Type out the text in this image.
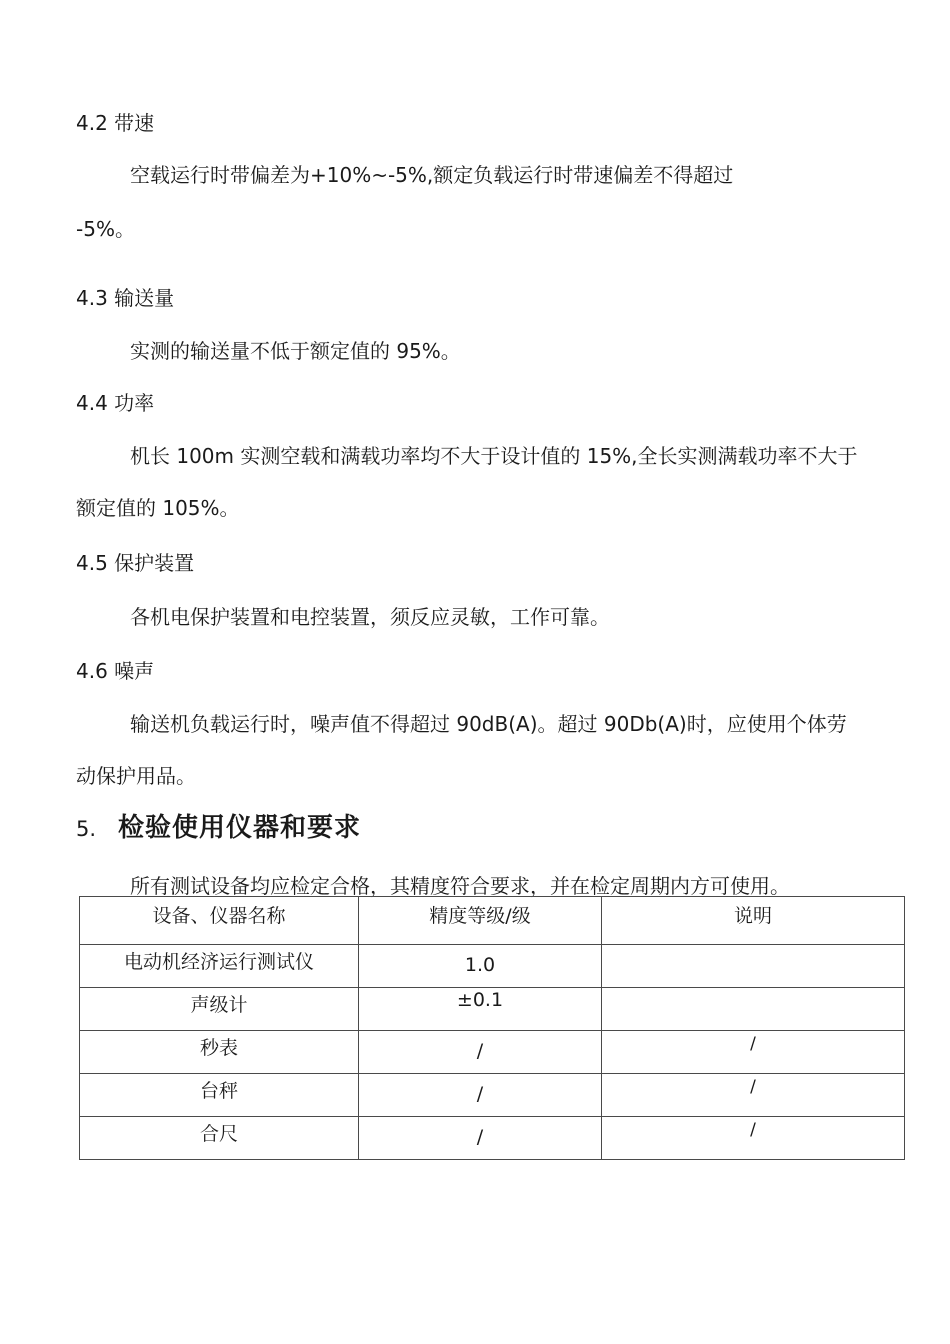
4.2 带速
空载运行时带偏差为+10%~-5%,额定负载运行时带速偏差不得超过
-5%。
4.3 输送量
实测的输送量不低于额定值的 95%。
4.4 功率
机长 100m 实测空载和满载功率均不大于设计值的 15%,全长实测满载功率不大于
额定值的 105%。
4.5 保护装置
各机电保护装置和电控装置，须反应灵敏，工作可靠。
4.6 噪声
输送机负载运行时，噪声值不得超过 90dB(A)。超过 90Db(A)时，应使用个体劳
动保护用品。
5. 检验使用仪器和要求
所有测试设备均应检定合格，其精度符合要求，并在检定周期内方可使用。
设备、仪器名称	精度等级/级	说明

电动机经济运行测试仪	1.0	

声级计	±0.1	

秒表	/	/

台秤	/	/

合尺	/	/
